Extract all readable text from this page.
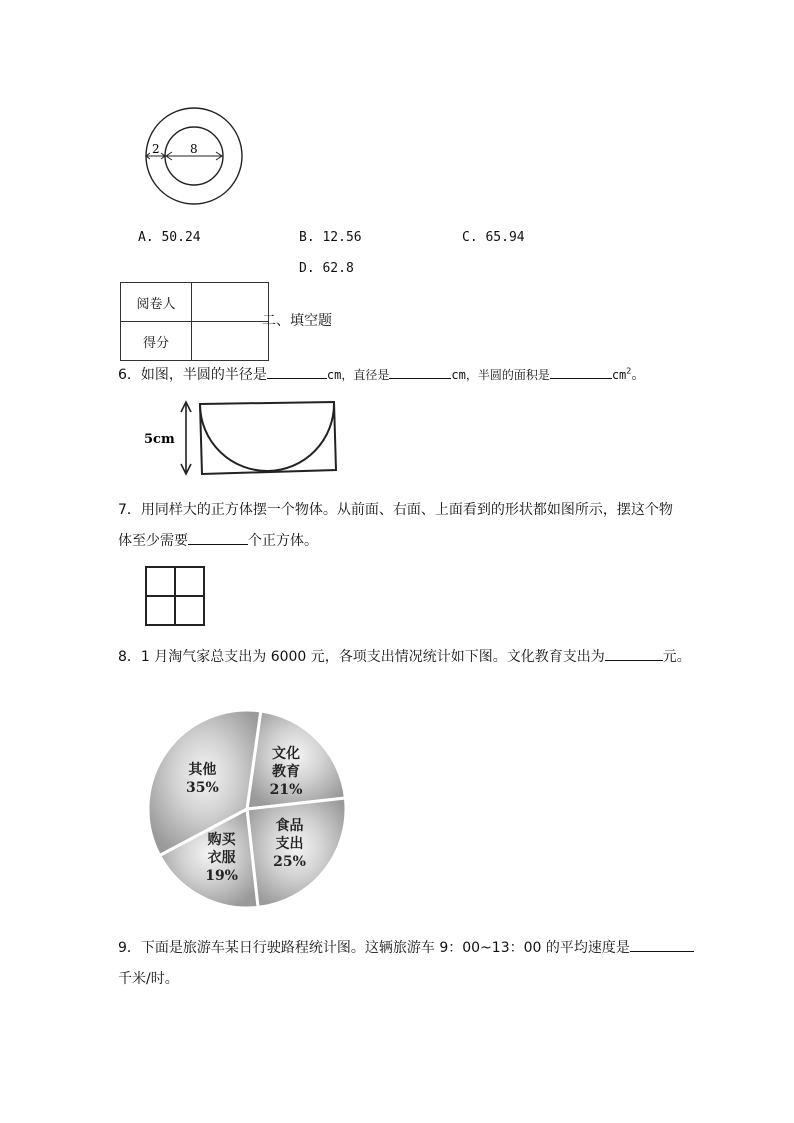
2	8
A. 50.24	B. 12.56	C. 65.94
D. 62.8
阅卷人	
得分	
二、填空题
6．如图，半圆的半径是	cm，直径是	cm，半圆的面积是	$cm^2$。
5cm
7．用同样大的正方体摆一个物体。从前面、右面、上面看到的形状都如图所示，摆这个物
体至少需要	个正方体。
8．1 月淘气家总支出为 6000 元，各项支出情况统计如下图。文化教育支出为	元。
文化
教育
21%
食品
支出
25%
购买
衣服
19%
其他
35%
9．下面是旅游车某日行驶路程统计图。这辆旅游车 9：00~13：00 的平均速度是
千米/时。
